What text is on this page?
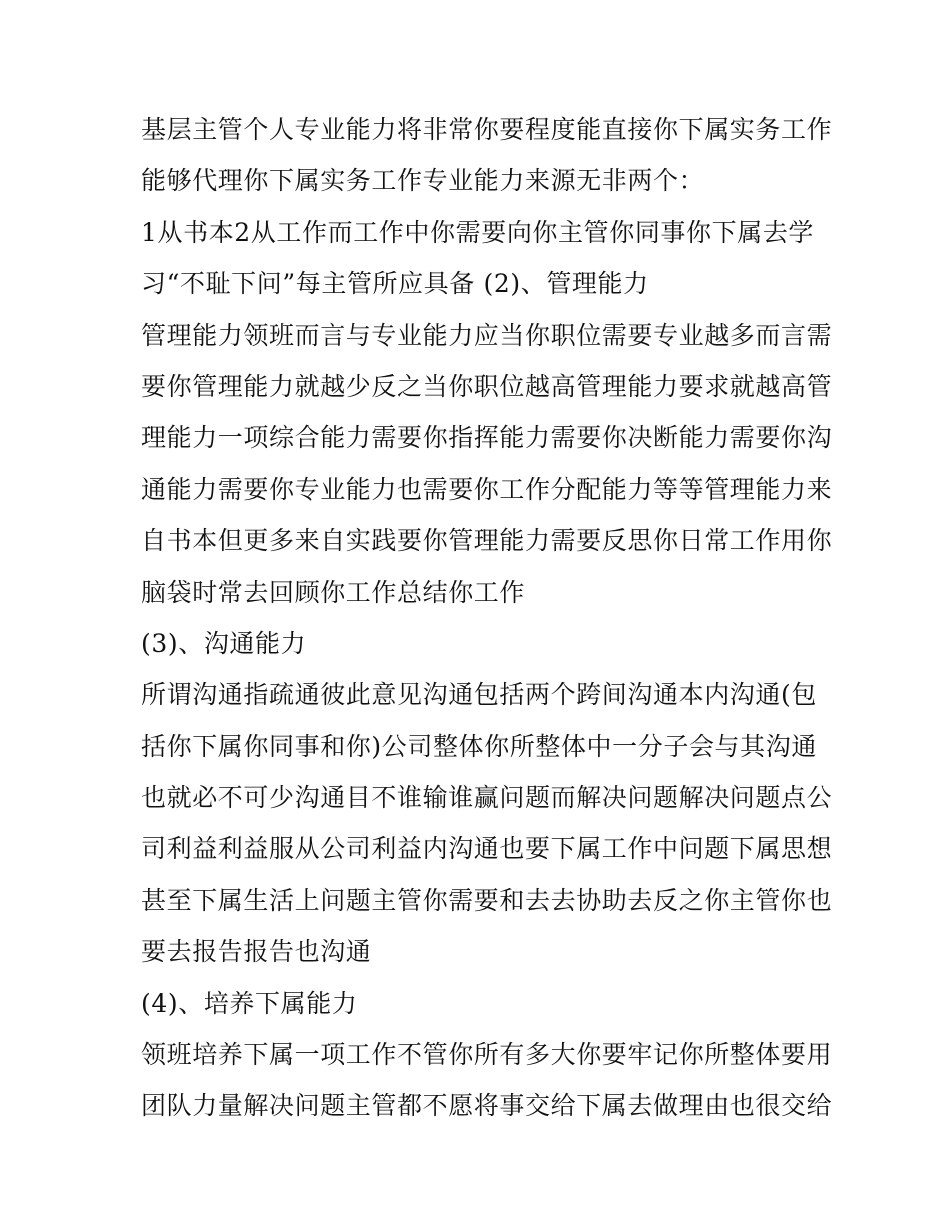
基层主管个人专业能力将非常你要程度能直接你下属实务工作
能够代理你下属实务工作专业能力来源无非两个：
1从书本2从工作而工作中你需要向你主管你同事你下属去学
习“不耻下问”每主管所应具备 (2)、管理能力
管理能力领班而言与专业能力应当你职位需要专业越多而言需
要你管理能力就越少反之当你职位越高管理能力要求就越高管
理能力一项综合能力需要你指挥能力需要你决断能力需要你沟
通能力需要你专业能力也需要你工作分配能力等等管理能力来
自书本但更多来自实践要你管理能力需要反思你日常工作用你
脑袋时常去回顾你工作总结你工作
(3)、沟通能力
所谓沟通指疏通彼此意见沟通包括两个跨间沟通本内沟通(包
括你下属你同事和你)公司整体你所整体中一分子会与其沟通
也就必不可少沟通目不谁输谁赢问题而解决问题解决问题点公
司利益利益服从公司利益内沟通也要下属工作中问题下属思想
甚至下属生活上问题主管你需要和去去协助去反之你主管你也
要去报告报告也沟通
(4)、培养下属能力
领班培养下属一项工作不管你所有多大你要牢记你所整体要用
团队力量解决问题主管都不愿将事交给下属去做理由也很交给
